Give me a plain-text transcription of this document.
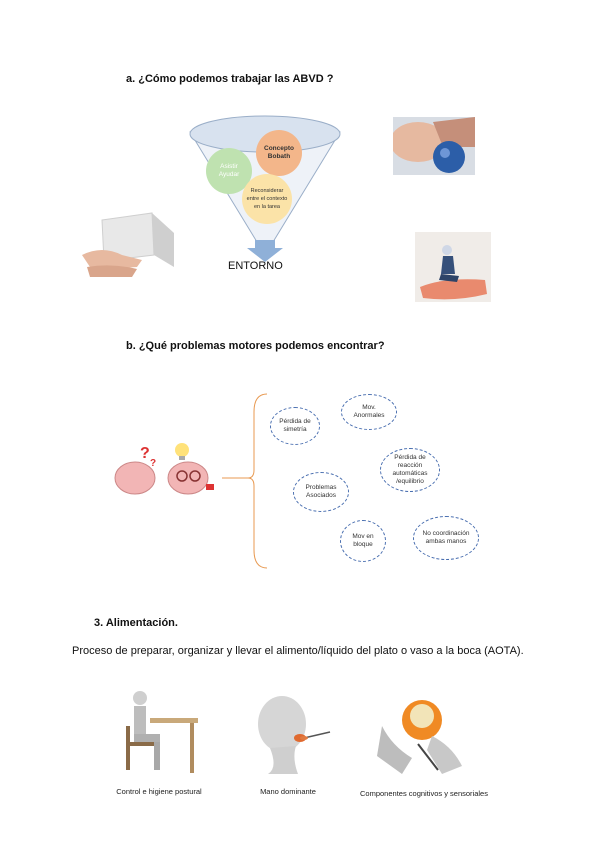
a. ¿Cómo podemos trabajar las ABVD ?
Concepto Bobath
Asistir Ayudar
Reconsiderar entre el contexto en la tarea
ENTORNO
b. ¿Qué problemas motores podemos encontrar?
?
?
Pérdida de simetría
Mov. Anormales
Pérdida de reacción automáticas /equilibrio
Problemas Asociados
Mov en bloque
No coordinación ambas manos
3. Alimentación.
Proceso de preparar, organizar y llevar el alimento/líquido del plato o vaso a la boca (AOTA).
Control e higiene postural	Mano dominante	Componentes cognitivos y sensoriales
